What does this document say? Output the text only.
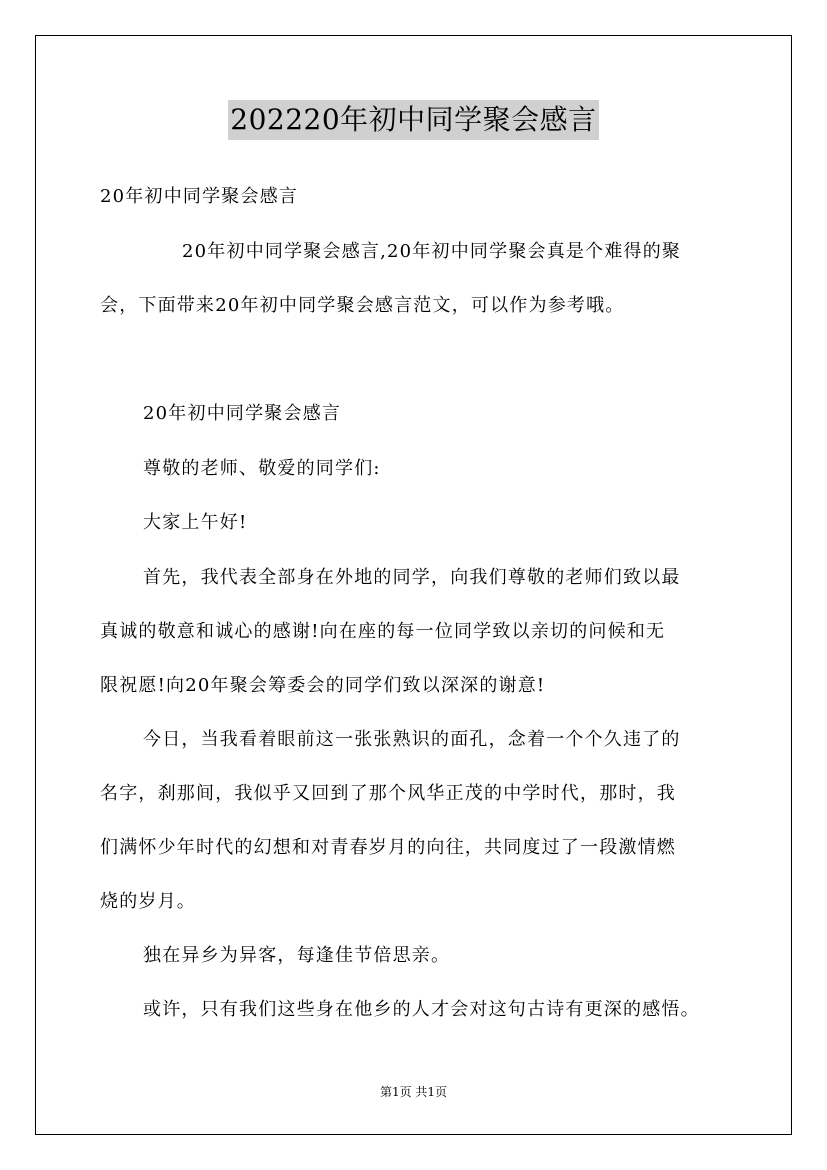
202220年初中同学聚会感言
20年初中同学聚会感言
20年初中同学聚会感言,20年初中同学聚会真是个难得的聚
会，下面带来20年初中同学聚会感言范文，可以作为参考哦。
20年初中同学聚会感言
尊敬的老师、敬爱的同学们:
大家上午好!
首先，我代表全部身在外地的同学，向我们尊敬的老师们致以最
真诚的敬意和诚心的感谢!向在座的每一位同学致以亲切的问候和无
限祝愿!向20年聚会筹委会的同学们致以深深的谢意!
今日，当我看着眼前这一张张熟识的面孔，念着一个个久违了的
名字，刹那间，我似乎又回到了那个风华正茂的中学时代，那时，我
们满怀少年时代的幻想和对青春岁月的向往，共同度过了一段激情燃
烧的岁月。
独在异乡为异客，每逢佳节倍思亲。
或许，只有我们这些身在他乡的人才会对这句古诗有更深的感悟。
第1页 共1页
